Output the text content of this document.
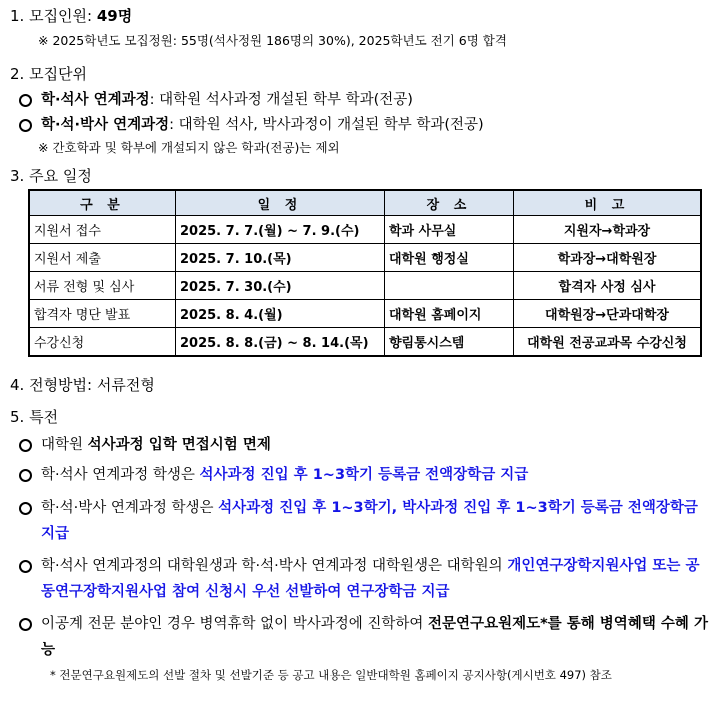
1. 모집인원: 49명
※ 2025학년도 모집정원: 55명(석사정원 186명의 30%), 2025학년도 전기 6명 합격
2. 모집단위
학·석사 연계과정: 대학원 석사과정 개설된 학부 학과(전공)
학·석·박사 연계과정: 대학원 석사, 박사과정이 개설된 학부 학과(전공)
※ 간호학과 및 학부에 개설되지 않은 학과(전공)는 제외
3. 주요 일정
구 분	일 정	장 소	비 고
지원서 접수	2025. 7. 7.(월) ~ 7. 9.(수)	학과 사무실	지원자→학과장
지원서 제출	2025. 7. 10.(목)	대학원 행정실	학과장→대학원장
서류 전형 및 심사	2025. 7. 30.(수)		합격자 사정 심사
합격자 명단 발표	2025. 8. 4.(월)	대학원 홈페이지	대학원장→단과대학장
수강신청	2025. 8. 8.(금) ~ 8. 14.(목)	향림통시스템	대학원 전공교과목 수강신청
4. 전형방법: 서류전형
5. 특전
대학원 석사과정 입학 면접시험 면제
학·석사 연계과정 학생은 석사과정 진입 후 1~3학기 등록금 전액장학금 지급
학·석·박사 연계과정 학생은 석사과정 진입 후 1~3학기, 박사과정 진입 후 1~3학기 등록금 전액장학금 지급
학·석사 연계과정의 대학원생과 학·석·박사 연계과정 대학원생은 대학원의 개인연구장학지원사업 또는 공동연구장학지원사업 참여 신청시 우선 선발하여 연구장학금 지급
이공계 전문 분야인 경우 병역휴학 없이 박사과정에 진학하여 전문연구요원제도*를 통해 병역혜택 수혜 가능
* 전문연구요원제도의 선발 절차 및 선발기준 등 공고 내용은 일반대학원 홈페이지 공지사항(게시번호 497) 참조
